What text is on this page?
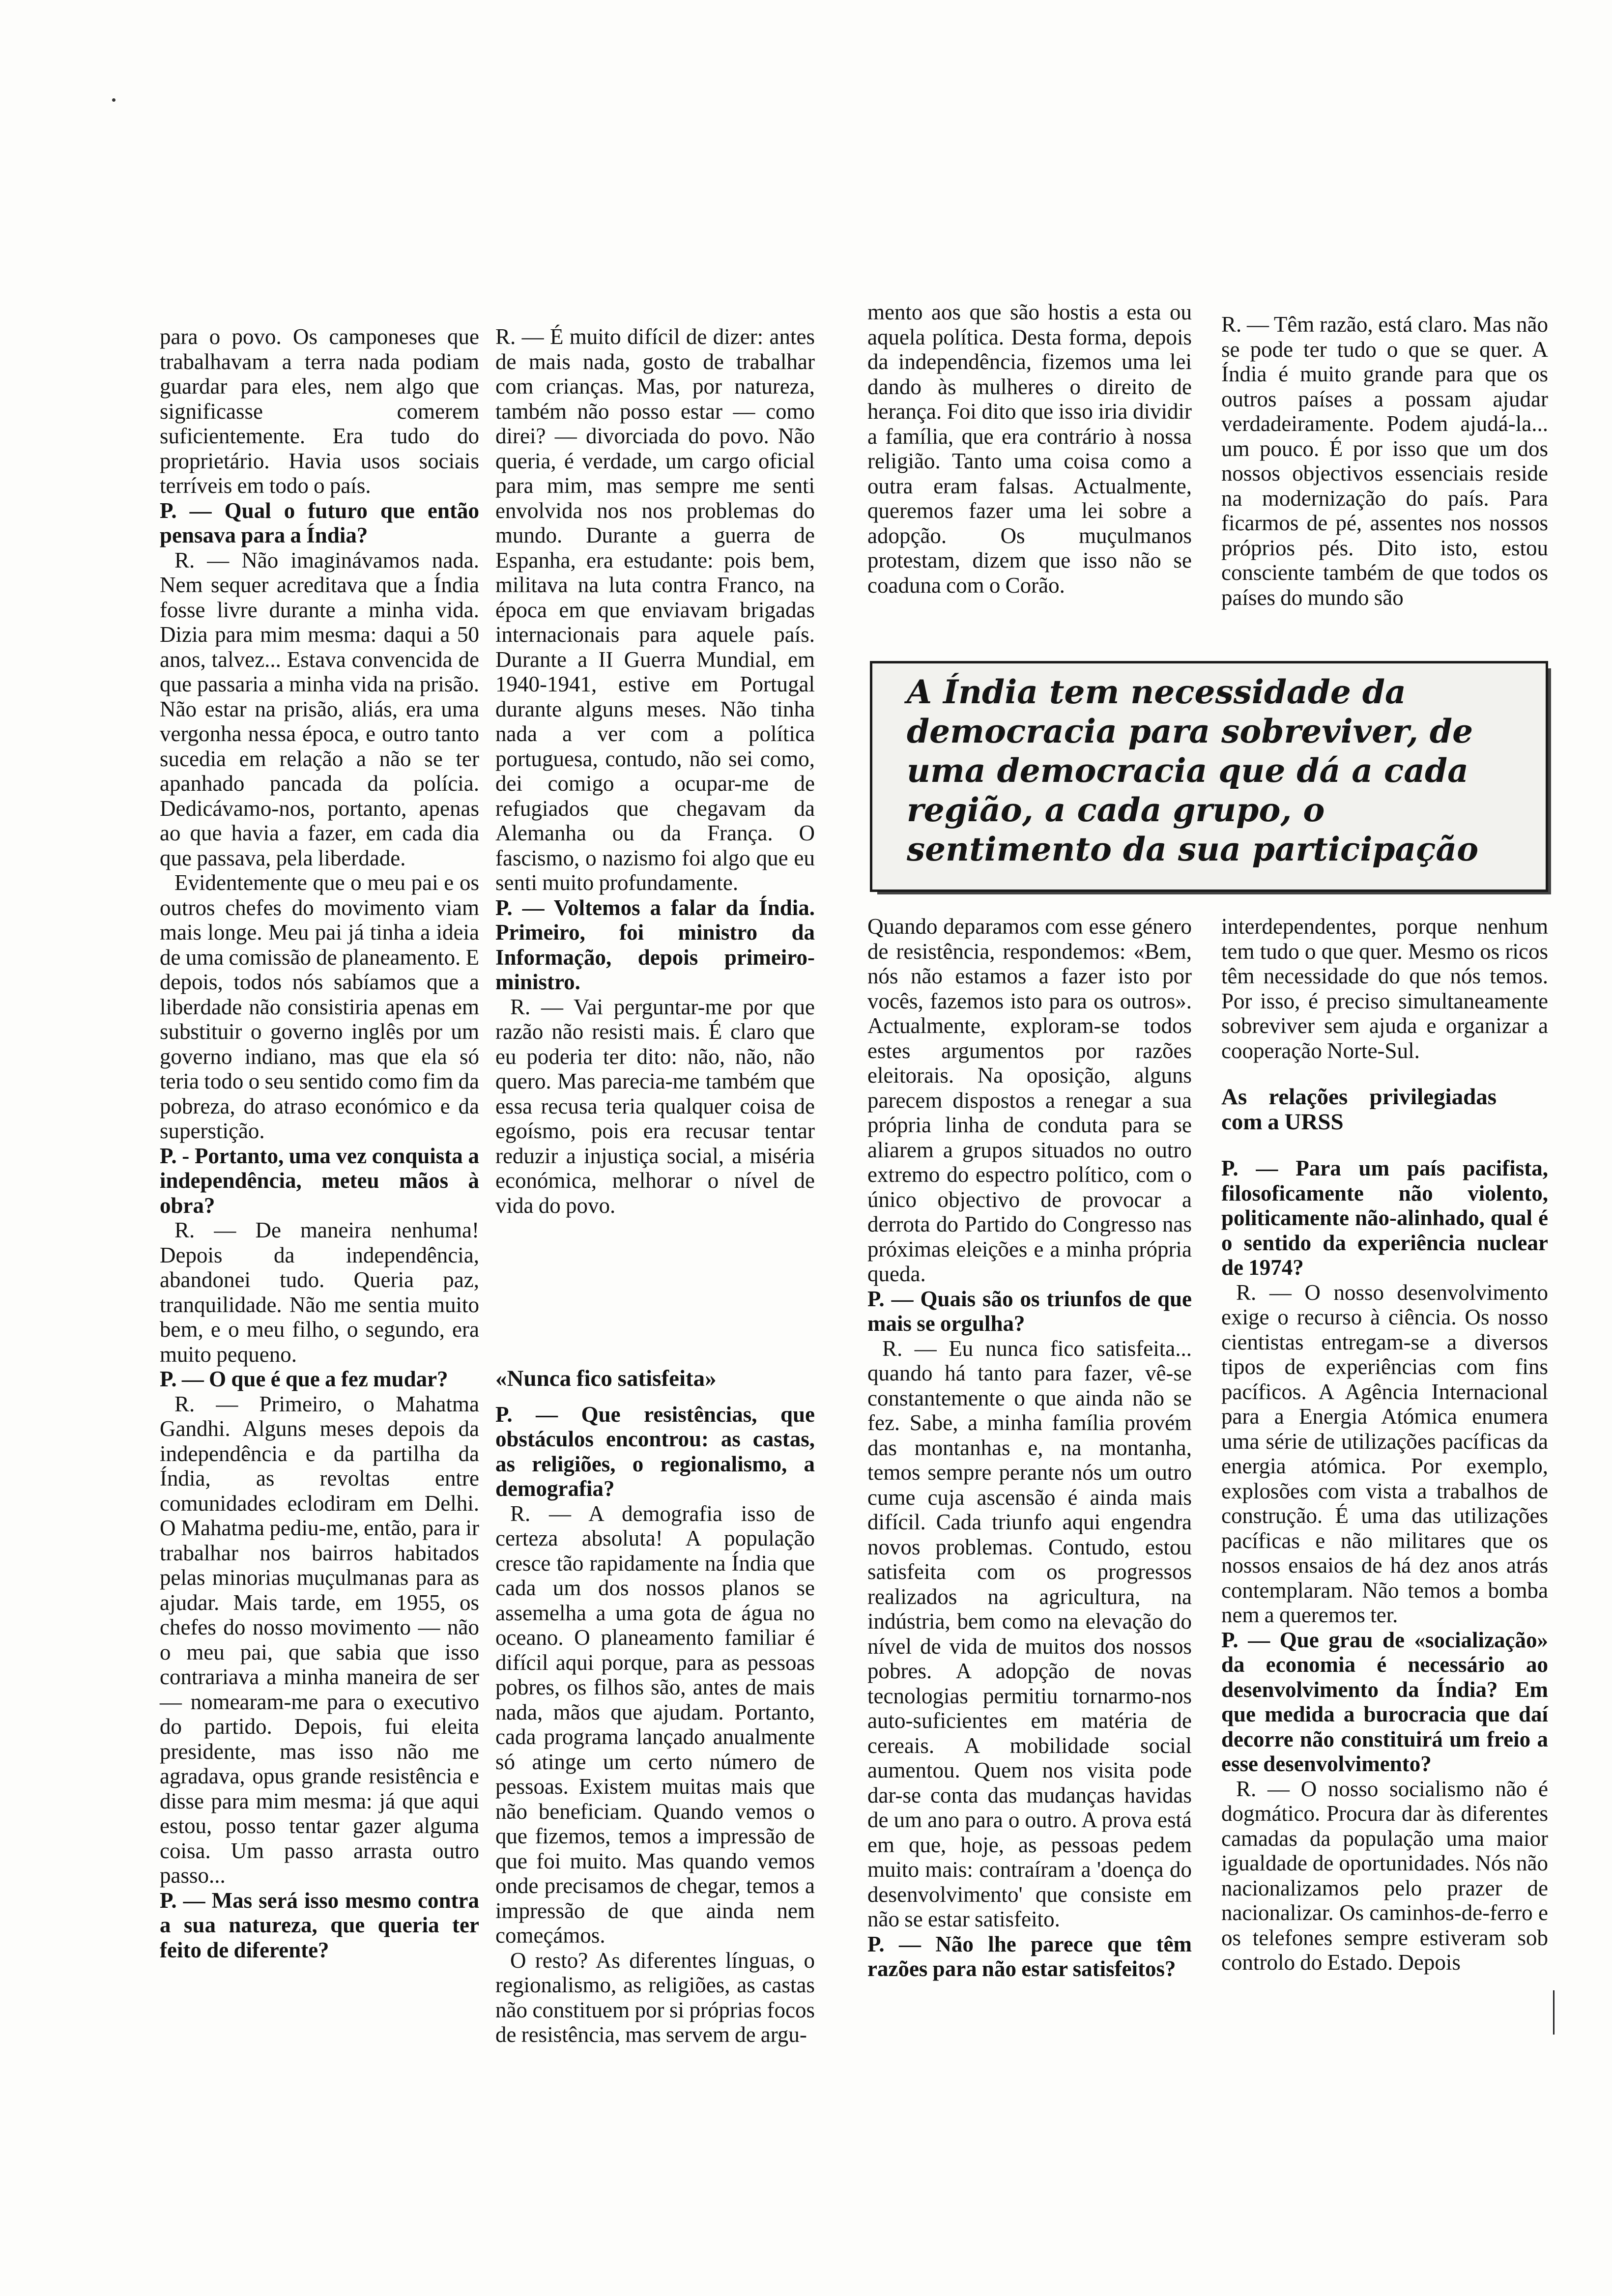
para o povo. Os camponeses que trabalhavam a terra nada podiam guardar para eles, nem algo que significasse comerem suficientemente. Era tudo do proprietário. Havia usos sociais terríveis em todo o país.

P. — Qual o futuro que então pensava para a Índia?

R. — Não imaginávamos nada. Nem sequer acreditava que a Índia fosse livre durante a minha vida. Dizia para mim mesma: daqui a 50 anos, talvez... Estava convencida de que passaria a minha vida na prisão. Não estar na prisão, aliás, era uma vergonha nessa época, e outro tanto sucedia em relação a não se ter apanhado pancada da polícia. Dedicávamo-nos, portanto, apenas ao que havia a fazer, em cada dia que passava, pela liberdade.

Evidentemente que o meu pai e os outros chefes do movimento viam mais longe. Meu pai já tinha a ideia de uma comissão de planeamento. E depois, todos nós sabíamos que a liberdade não consistiria apenas em substituir o governo inglês por um governo indiano, mas que ela só teria todo o seu sentido como fim da pobreza, do atraso económico e da superstição.

P. - Portanto, uma vez conquista a independência, meteu mãos à obra?

R. — De maneira nenhuma! Depois da independência, abandonei tudo. Queria paz, tranquilidade. Não me sentia muito bem, e o meu filho, o segundo, era muito pequeno.

P. — O que é que a fez mudar?

R. — Primeiro, o Mahatma Gandhi. Alguns meses depois da independência e da partilha da Índia, as revoltas entre comunidades eclodiram em Delhi. O Mahatma pediu-me, então, para ir trabalhar nos bairros habitados pelas minorias muçulmanas para as ajudar. Mais tarde, em 1955, os chefes do nosso movimento — não o meu pai, que sabia que isso contrariava a minha maneira de ser — nomearam-me para o executivo do partido. Depois, fui eleita presidente, mas isso não me agradava, opus grande resistência e disse para mim mesma: já que aqui estou, posso tentar gazer alguma coisa. Um passo arrasta outro passo...

P. — Mas será isso mesmo contra a sua natureza, que queria ter feito de diferente?

R. — É muito difícil de dizer: antes de mais nada, gosto de trabalhar com crianças. Mas, por natureza, também não posso estar — como direi? — divorciada do povo. Não queria, é verdade, um cargo oficial para mim, mas sempre me senti envolvida nos nos problemas do mundo. Durante a guerra de Espanha, era estudante: pois bem, militava na luta contra Franco, na época em que enviavam brigadas internacionais para aquele país. Durante a II Guerra Mundial, em 1940-1941, estive em Portugal durante alguns meses. Não tinha nada a ver com a política portuguesa, contudo, não sei como, dei comigo a ocupar-me de refugiados que chegavam da Alemanha ou da França. O fascismo, o nazismo foi algo que eu senti muito profundamente.

P. — Voltemos a falar da Índia. Primeiro, foi ministro da Informação, depois primeiro-ministro.

R. — Vai perguntar-me por que razão não resisti mais. É claro que eu poderia ter dito: não, não, não quero. Mas parecia-me também que essa recusa teria qualquer coisa de egoísmo, pois era recusar tentar reduzir a injustiça social, a miséria económica, melhorar o nível de vida do povo.

«Nunca fico satisfeita»

P. — Que resistências, que obstáculos encontrou: as castas, as religiões, o regionalismo, a demografia?

R. — A demografia isso de certeza absoluta! A população cresce tão rapidamente na Índia que cada um dos nossos planos se assemelha a uma gota de água no oceano. O planeamento familiar é difícil aqui porque, para as pessoas pobres, os filhos são, antes de mais nada, mãos que ajudam. Portanto, cada programa lançado anualmente só atinge um certo número de pessoas. Existem muitas mais que não beneficiam. Quando vemos o que fizemos, temos a impressão de que foi muito. Mas quando vemos onde precisamos de chegar, temos a impressão de que ainda nem começámos.

O resto? As diferentes línguas, o regionalismo, as religiões, as castas não constituem por si próprias focos de resistência, mas servem de argu-

mento aos que são hostis a esta ou aquela política. Desta forma, depois da independência, fizemos uma lei dando às mulheres o direito de herança. Foi dito que isso iria dividir a família, que era contrário à nossa religião. Tanto uma coisa como a outra eram falsas. Actualmente, queremos fazer uma lei sobre a adopção. Os muçulmanos protestam, dizem que isso não se coaduna com o Corão.

R. — Têm razão, está claro. Mas não se pode ter tudo o que se quer. A Índia é muito grande para que os outros países a possam ajudar verdadeiramente. Podem ajudá-la... um pouco. É por isso que um dos nossos objectivos essenciais reside na modernização do país. Para ficarmos de pé, assentes nos nossos próprios pés. Dito isto, estou consciente também de que todos os países do mundo são

A Índia tem necessidade da democracia para sobreviver, de uma democracia que dá a cada região, a cada grupo, o sentimento da sua participação

Quando deparamos com esse género de resistência, respondemos: «Bem, nós não estamos a fazer isto por vocês, fazemos isto para os outros». Actualmente, exploram-se todos estes argumentos por razões eleitorais. Na oposição, alguns parecem dispostos a renegar a sua própria linha de conduta para se aliarem a grupos situados no outro extremo do espectro político, com o único objectivo de provocar a derrota do Partido do Congresso nas próximas eleições e a minha própria queda.

P. — Quais são os triunfos de que mais se orgulha?

R. — Eu nunca fico satisfeita... quando há tanto para fazer, vê-se constantemente o que ainda não se fez. Sabe, a minha família provém das montanhas e, na montanha, temos sempre perante nós um outro cume cuja ascensão é ainda mais difícil. Cada triunfo aqui engendra novos problemas. Contudo, estou satisfeita com os progressos realizados na agricultura, na indústria, bem como na elevação do nível de vida de muitos dos nossos pobres. A adopção de novas tecnologias permitiu tornarmo-nos auto-suficientes em matéria de cereais. A mobilidade social aumentou. Quem nos visita pode dar-se conta das mudanças havidas de um ano para o outro. A prova está em que, hoje, as pessoas pedem muito mais: contraíram a 'doença do desenvolvimento' que consiste em não se estar satisfeito.

P. — Não lhe parece que têm razões para não estar satisfeitos?

interdependentes, porque nenhum tem tudo o que quer. Mesmo os ricos têm necessidade do que nós temos. Por isso, é preciso simultaneamente sobreviver sem ajuda e organizar a cooperação Norte-Sul.

As relações privilegiadas com a URSS

P. — Para um país pacifista, filosoficamente não violento, politicamente não-alinhado, qual é o sentido da experiência nuclear de 1974?

R. — O nosso desenvolvimento exige o recurso à ciência. Os nosso cientistas entregam-se a diversos tipos de experiências com fins pacíficos. A Agência Internacional para a Energia Atómica enumera uma série de utilizações pacíficas da energia atómica. Por exemplo, explosões com vista a trabalhos de construção. É uma das utilizações pacíficas e não militares que os nossos ensaios de há dez anos atrás contemplaram. Não temos a bomba nem a queremos ter.

P. — Que grau de «socialização» da economia é necessário ao desenvolvimento da Índia? Em que medida a burocracia que daí decorre não constituirá um freio a esse desenvolvimento?

R. — O nosso socialismo não é dogmático. Procura dar às diferentes camadas da população uma maior igualdade de oportunidades. Nós não nacionalizamos pelo prazer de nacionalizar. Os caminhos-de-ferro e os telefones sempre estiveram sob controlo do Estado. Depois
